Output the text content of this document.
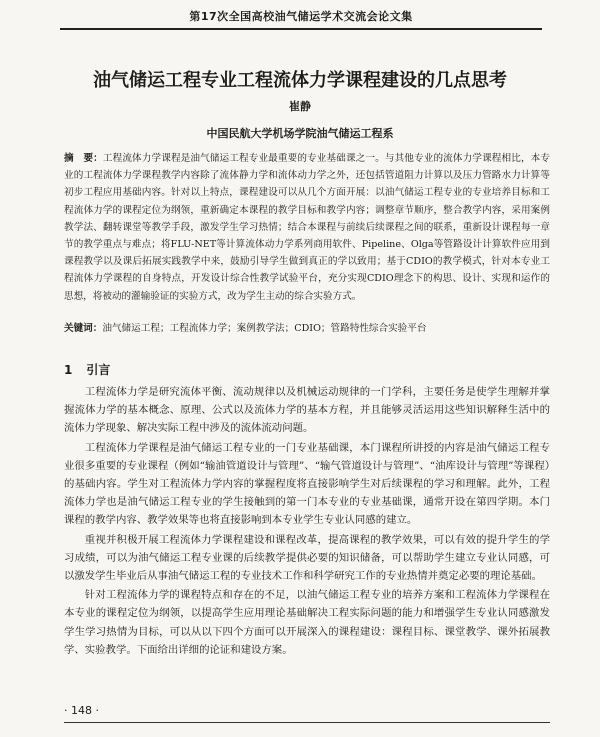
第17次全国高校油气储运学术交流会论文集
油气储运工程专业工程流体力学课程建设的几点思考
崔静
中国民航大学机场学院油气储运工程系
摘　要：工程流体力学课程是油气储运工程专业最重要的专业基础课之一。与其他专业的流体力学课程相比，本专业的工程流体力学课程教学内容除了流体静力学和流体动力学之外，还包括管道阻力计算以及压力管路水力计算等初步工程应用基础内容。针对以上特点，课程建设可以从几个方面开展：以油气储运工程专业的专业培养目标和工程流体力学的课程定位为纲领，重新确定本课程的教学目标和教学内容；调整章节顺序，整合教学内容，采用案例教学法、翻转课堂等教学手段，激发学生学习热情；结合本课程与前续后续课程之间的联系，重新设计课程每一章节的教学重点与难点；将FLU-NET等计算流体动力学系列商用软件、Pipeline、Olga等管路设计计算软件应用到课程教学以及课后拓展实践教学中来，鼓励引导学生做到真正的学以致用；基于CDIO的教学模式，针对本专业工程流体力学课程的自身特点，开发设计综合性教学试验平台，充分实现CDIO理念下的构思、设计、实现和运作的思想，将被动的灌输验证的实验方式，改为学生主动的综合实验方式。
关键词：油气储运工程；工程流体力学；案例教学法；CDIO；管路特性综合实验平台
1 引言

工程流体力学是研究流体平衡、流动规律以及机械运动规律的一门学科，主要任务是使学生理解并掌握流体力学的基本概念、原理、公式以及流体力学的基本方程，并且能够灵活运用这些知识解释生活中的流体力学现象、解决实际工程中涉及的流体流动问题。

工程流体力学课程是油气储运工程专业的一门专业基础课，本门课程所讲授的内容是油气储运工程专业很多重要的专业课程（例如“输油管道设计与管理”、“输气管道设计与管理”、“油库设计与管理”等课程）的基础内容。学生对工程流体力学内容的掌握程度将直接影响学生对后续课程的学习和理解。此外，工程流体力学也是油气储运工程专业的学生接触到的第一门本专业的专业基础课，通常开设在第四学期。本门课程的教学内容、教学效果等也将直接影响到本专业学生专业认同感的建立。

重视并积极开展工程流体力学课程建设和课程改革，提高课程的教学效果，可以有效的提升学生的学习成绩，可以为油气储运工程专业课的后续教学提供必要的知识储备，可以帮助学生建立专业认同感，可以激发学生毕业后从事油气储运工程的专业技术工作和科学研究工作的专业热情并奠定必要的理论基础。

针对工程流体力学的课程特点和存在的不足，以油气储运工程专业的培养方案和工程流体力学课程在本专业的课程定位为纲领，以提高学生应用理论基础解决工程实际问题的能力和增强学生专业认同感激发学生学习热情为目标，可以从以下四个方面可以开展深入的课程建设：课程目标、课堂教学、课外拓展教学、实验教学。下面给出详细的论证和建设方案。

· 148 ·
